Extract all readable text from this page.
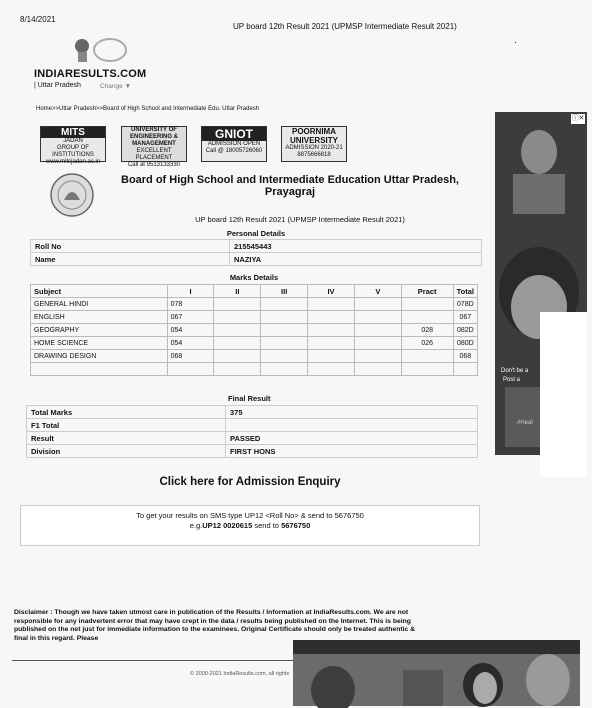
8/14/2021
UP board 12th Result 2021 (UPMSP Intermediate Result 2021)
.
INDIARESULTS.COM
| Uttar Pradesh	Change ▼
Home>>Uttar Pradesh>>Board of High School and Intermediate Edu. Uttar Pradesh
MITS
JADAN
GROUP OF INSTITUTIONS
www.mitsjadan.ac.in
UNIVERSITY OF ENGINEERING & MANAGEMENT
EXCELLENT PLACEMENT
Call at 9513133330
GNIOT
ADMISSION OPEN
Call @ 18005726060
POORNIMA UNIVERSITY
ADMISSION 2020-21
8875666818
Board of High School and Intermediate Education Uttar Pradesh, Prayagraj
UP board 12th Result 2021 (UPMSP Intermediate Result 2021)
Personal Details
Roll No	215545443
Name	NAZIYA
Marks Details
Subject	I	II	III	IV	V	Pract	Total
GENERAL HINDI	078						078D
ENGLISH	067						067
GEOGRAPHY	054					028	082D
HOME SCIENCE	054					026	080D
DRAWING DESIGN	068						068

Final Result
Total Marks	375
F1 Total	
Result	PASSED
Division	FIRST HONS
Click here for Admission Enquiry
To get your results on SMS type UP12 <Roll No> & send to 5676750
e.g.UP12 0020615 send to 5676750
ⓘ✕
Don't be a
Post a
#Heal
Disclaimer : Though we have taken utmost care in publication of the Results / Information at IndiaResults.com. We are not responsible for any inadvertent error that may have crept in the data / results being published on the Internet. This is being published on the net just for immediate information to the examinees. Original Certificate should only be treated authentic & final in this regard. Please
© 2000-2021 IndiaResults.com, all rights
